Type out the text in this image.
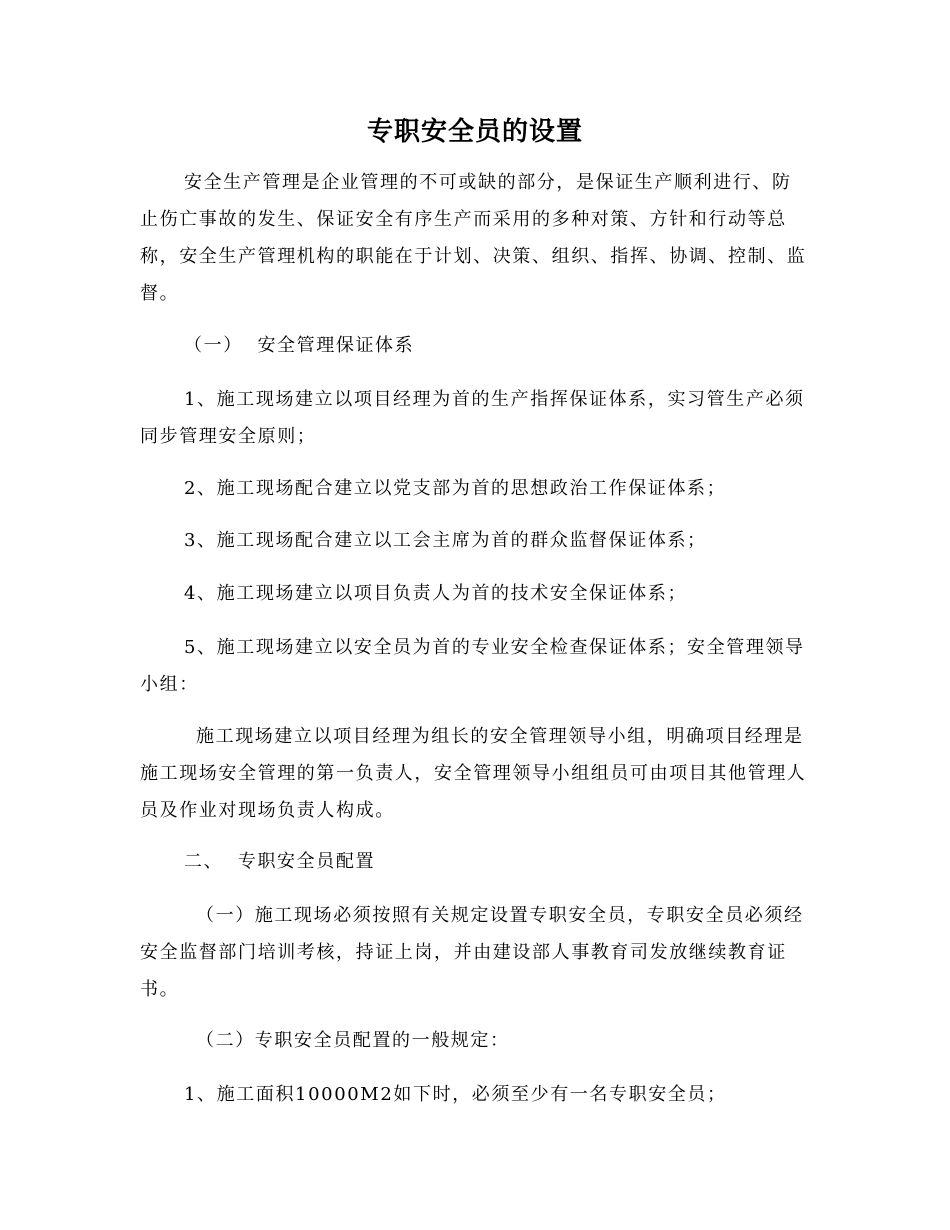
专职安全员的设置
安全生产管理是企业管理的不可或缺的部分，是保证生产顺利进行、防止伤亡事故的发生、保证安全有序生产而采用的多种对策、方针和行动等总称，安全生产管理机构的职能在于计划、决策、组织、指挥、协调、控制、监督。
（一）  安全管理保证体系
1、施工现场建立以项目经理为首的生产指挥保证体系，实习管生产必须同步管理安全原则；
2、施工现场配合建立以党支部为首的思想政治工作保证体系；
3、施工现场配合建立以工会主席为首的群众监督保证体系；
4、施工现场建立以项目负责人为首的技术安全保证体系；
5、施工现场建立以安全员为首的专业安全检查保证体系；安全管理领导小组：
施工现场建立以项目经理为组长的安全管理领导小组，明确项目经理是施工现场安全管理的第一负责人，安全管理领导小组组员可由项目其他管理人员及作业对现场负责人构成。
二、  专职安全员配置
（一）施工现场必须按照有关规定设置专职安全员，专职安全员必须经安全监督部门培训考核，持证上岗，并由建设部人事教育司发放继续教育证书。
（二）专职安全员配置的一般规定：
1、施工面积10000M2如下时，必须至少有一名专职安全员；
